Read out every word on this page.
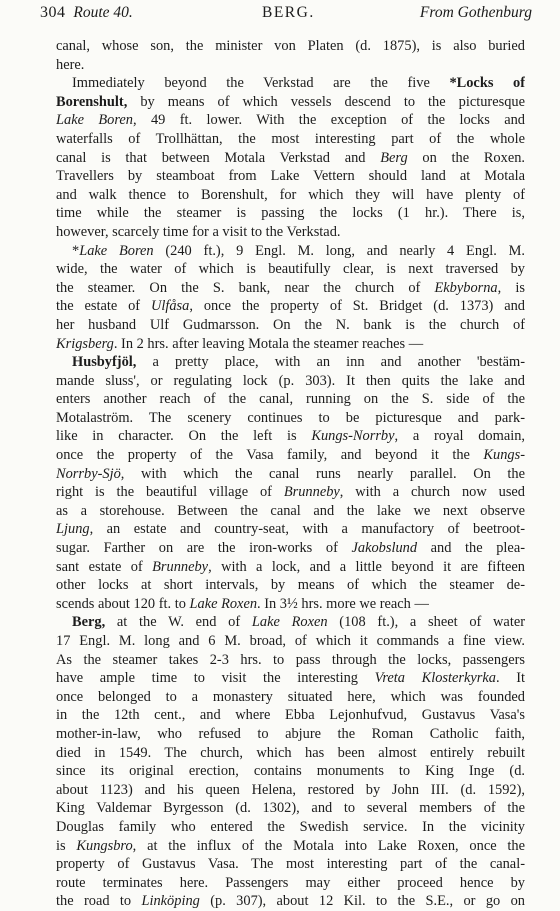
304 Route 40.	BERG.	From Gothenburg
canal, whose son, the minister von Platen (d. 1875), is also buried
here.
Immediately beyond the Verkstad are the five *Locks of
Borenshult, by means of which vessels descend to the picturesque
Lake Boren, 49 ft. lower. With the exception of the locks and
waterfalls of Trollhättan, the most interesting part of the whole
canal is that between Motala Verkstad and Berg on the Roxen.
Travellers by steamboat from Lake Vettern should land at Motala
and walk thence to Borenshult, for which they will have plenty of
time while the steamer is passing the locks (1 hr.). There is,
however, scarcely time for a visit to the Verkstad.
*Lake Boren (240 ft.), 9 Engl. M. long, and nearly 4 Engl. M.
wide, the water of which is beautifully clear, is next traversed by
the steamer. On the S. bank, near the church of Ekbyborna, is
the estate of Ulfåsa, once the property of St. Bridget (d. 1373) and
her husband Ulf Gudmarsson. On the N. bank is the church of
Krigsberg. In 2 hrs. after leaving Motala the steamer reaches —
Husbyfjöl, a pretty place, with an inn and another 'bestäm-
mande sluss', or regulating lock (p. 303). It then quits the lake and
enters another reach of the canal, running on the S. side of the
Motalaström. The scenery continues to be picturesque and park-
like in character. On the left is Kungs-Norrby, a royal domain,
once the property of the Vasa family, and beyond it the Kungs-
Norrby-Sjö, with which the canal runs nearly parallel. On the
right is the beautiful village of Brunneby, with a church now used
as a storehouse. Between the canal and the lake we next observe
Ljung, an estate and country-seat, with a manufactory of beetroot-
sugar. Farther on are the iron-works of Jakobslund and the plea-
sant estate of Brunneby, with a lock, and a little beyond it are fifteen
other locks at short intervals, by means of which the steamer de-
scends about 120 ft. to Lake Roxen. In 3½ hrs. more we reach —
Berg, at the W. end of Lake Roxen (108 ft.), a sheet of water
17 Engl. M. long and 6 M. broad, of which it commands a fine view.
As the steamer takes 2-3 hrs. to pass through the locks, passengers
have ample time to visit the interesting Vreta Klosterkyrka. It
once belonged to a monastery situated here, which was founded
in the 12th cent., and where Ebba Lejonhufvud, Gustavus Vasa's
mother-in-law, who refused to abjure the Roman Catholic faith,
died in 1549. The church, which has been almost entirely rebuilt
since its original erection, contains monuments to King Inge (d.
about 1123) and his queen Helena, restored by John III. (d. 1592),
King Valdemar Byrgesson (d. 1302), and to several members of the
Douglas family who entered the Swedish service. In the vicinity
is Kungsbro, at the influx of the Motala into Lake Roxen, once the
property of Gustavus Vasa. The most interesting part of the canal-
route terminates here. Passengers may either proceed hence by
the road to Linköping (p. 307), about 12 Kil. to the S.E., or go on
